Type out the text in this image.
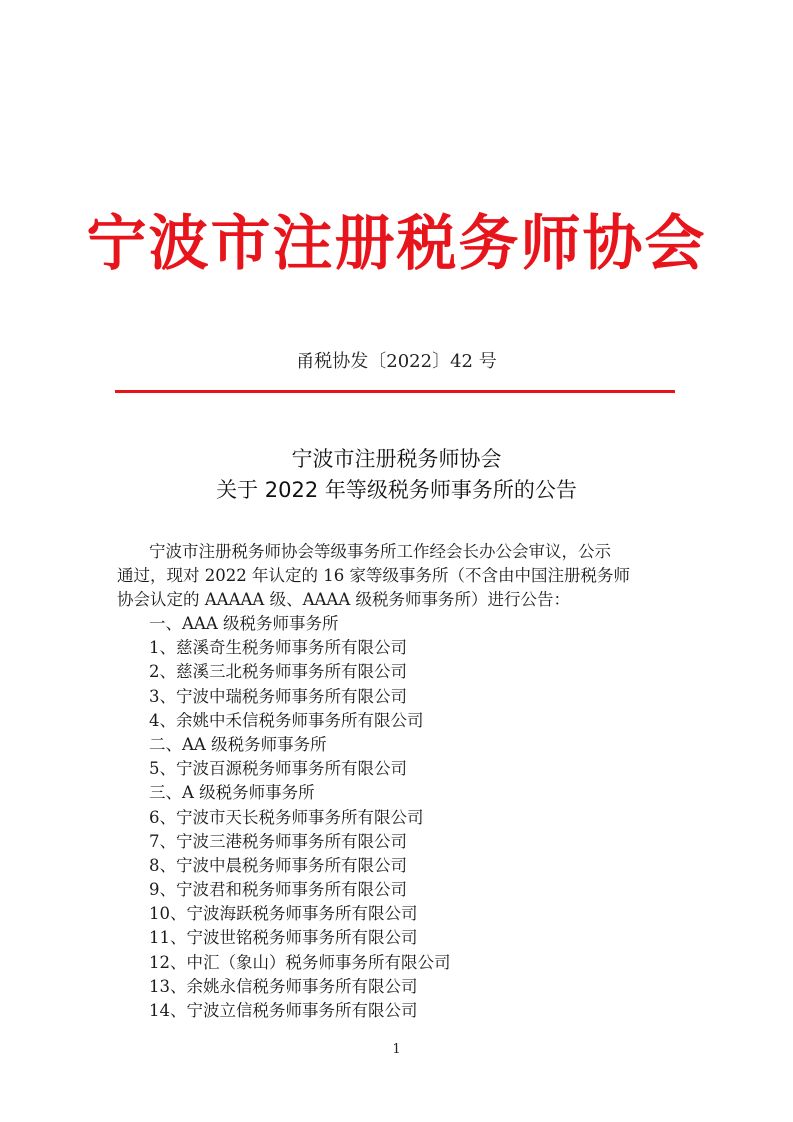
宁波市注册税务师协会
甬税协发〔2022〕42 号
宁波市注册税务师协会
关于 2022 年等级税务师事务所的公告

宁波市注册税务师协会等级事务所工作经会长办公会审议，公示
通过，现对 2022 年认定的 16 家等级事务所（不含由中国注册税务师
协会认定的 AAAAA 级、AAAA 级税务师事务所）进行公告：

一、AAA 级税务师事务所
1、慈溪奇生税务师事务所有限公司
2、慈溪三北税务师事务所有限公司
3、宁波中瑞税务师事务所有限公司
4、余姚中禾信税务师事务所有限公司
二、AA 级税务师事务所
5、宁波百源税务师事务所有限公司
三、A 级税务师事务所
6、宁波市天长税务师事务所有限公司
7、宁波三港税务师事务所有限公司
8、宁波中晨税务师事务所有限公司
9、宁波君和税务师事务所有限公司
10、宁波海跃税务师事务所有限公司
11、宁波世铭税务师事务所有限公司
12、中汇（象山）税务师事务所有限公司
13、余姚永信税务师事务所有限公司
14、宁波立信税务师事务所有限公司
1
